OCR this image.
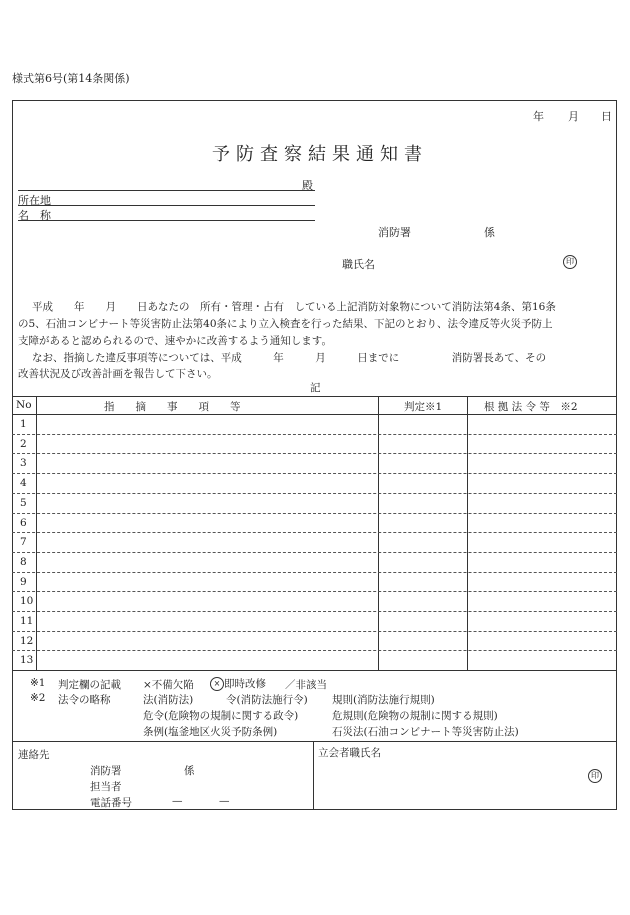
様式第6号(第14条関係)
年 月 日
予防査察結果通知書
殿
所在地
名　称
消防署	係
職氏名	印
平成　　年　　月　　日あなたの　所有・管理・占有　している上記消防対象物について消防法第4条、第16条
の5、石油コンビナート等災害防止法第40条により立入検査を行った結果、下記のとおり、法令違反等火災予防上
支障があると認められるので、速やかに改善するよう通知します。
なお、指摘した違反事項等については、平成　　　年　　　月　　　日までに　　　　　消防署長あて、その
改善状況及び改善計画を報告して下さい。
記
No	指　　摘　　事　　項　　等	判定※1	根 拠 法 令 等　※2
1
2
3
4
5
6
7
8
9
10
11
12
13
※1 判定欄の記載 ×不備欠陥	× 即時改修 ／非該当
※2 法令の略称	法(消防法)	令(消防法施行令) 規則(消防法施行規則)
危令(危険物の規制に関する政令)	危規則(危険物の規制に関する規則)
条例(塩釜地区火災予防条例)	石災法(石油コンビナート等災害防止法)
連絡先
消防署	係
担当者
電話番号	—	—
立会者職氏名
印
